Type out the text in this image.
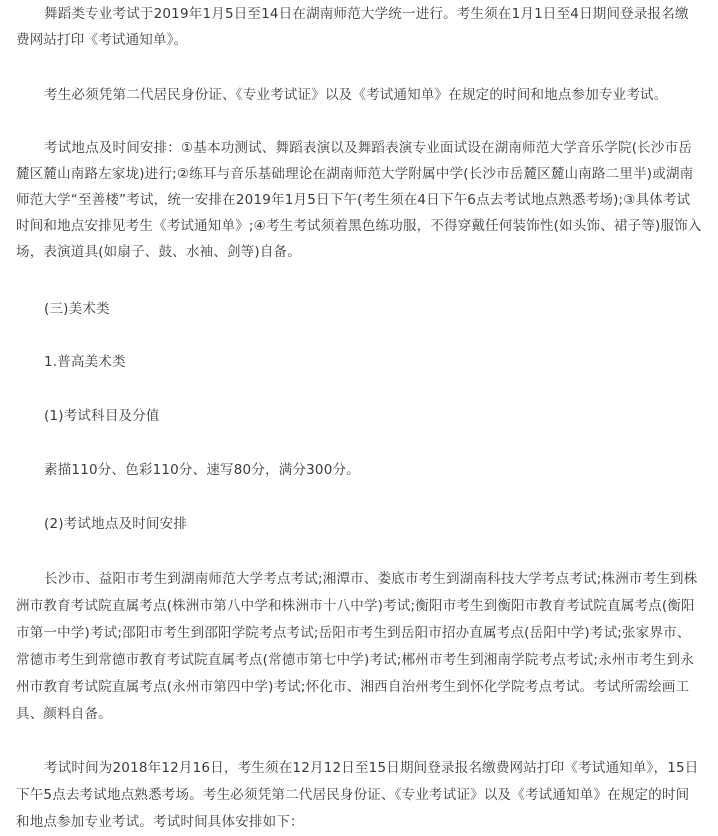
舞蹈类专业考试于2019年1月5日至14日在湖南师范大学统一进行。考生须在1月1日至4日期间登录报名缴费网站打印《考试通知单》。

考生必须凭第二代居民身份证、《专业考试证》以及《考试通知单》在规定的时间和地点参加专业考试。

考试地点及时间安排：①基本功测试、舞蹈表演以及舞蹈表演专业面试设在湖南师范大学音乐学院(长沙市岳麓区麓山南路左家垅)进行;②练耳与音乐基础理论在湖南师范大学附属中学(长沙市岳麓区麓山南路二里半)或湖南师范大学“至善楼”考试，统一安排在2019年1月5日下午(考生须在4日下午6点去考试地点熟悉考场);③具体考试时间和地点安排见考生《考试通知单》;④考生考试须着黑色练功服，不得穿戴任何装饰性(如头饰、裙子等)服饰入场，表演道具(如扇子、鼓、水袖、剑等)自备。

(三)美术类

1.普高美术类

(1)考试科目及分值

素描110分、色彩110分、速写80分，满分300分。

(2)考试地点及时间安排

长沙市、益阳市考生到湖南师范大学考点考试;湘潭市、娄底市考生到湖南科技大学考点考试;株洲市考生到株洲市教育考试院直属考点(株洲市第八中学和株洲市十八中学)考试;衡阳市考生到衡阳市教育考试院直属考点(衡阳市第一中学)考试;邵阳市考生到邵阳学院考点考试;岳阳市考生到岳阳市招办直属考点(岳阳中学)考试;张家界市、常德市考生到常德市教育考试院直属考点(常德市第七中学)考试;郴州市考生到湘南学院考点考试;永州市考生到永州市教育考试院直属考点(永州市第四中学)考试;怀化市、湘西自治州考生到怀化学院考点考试。考试所需绘画工具、颜料自备。

考试时间为2018年12月16日，考生须在12月12日至15日期间登录报名缴费网站打印《考试通知单》，15日下午5点去考试地点熟悉考场。考生必须凭第二代居民身份证、《专业考试证》以及《考试通知单》在规定的时间和地点参加专业考试。考试时间具体安排如下：
